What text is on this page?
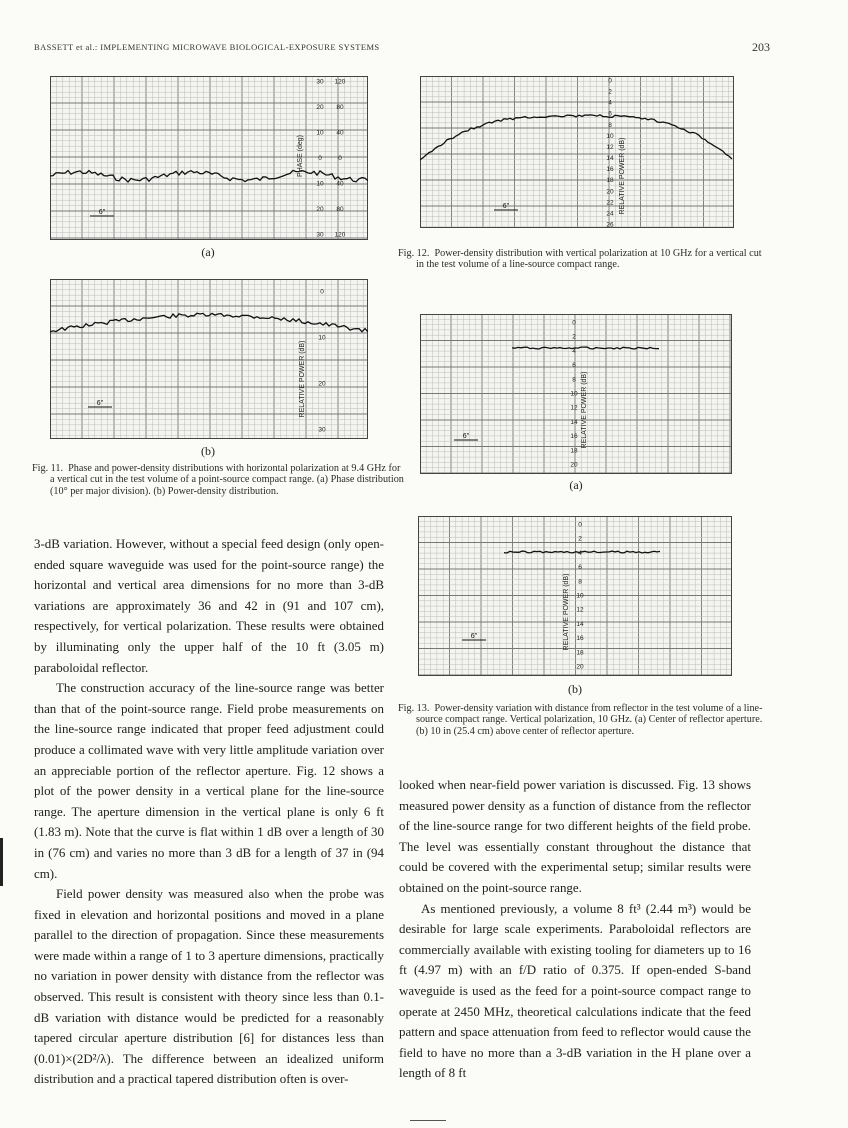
BASSETT et al.: IMPLEMENTING MICROWAVE BIOLOGICAL-EXPOSURE SYSTEMS	203
PHASE (deg)
30
20
10
0
10
20
30
120
80
40
0
40
80
120
6"
(a)
RELATIVE POWER (dB)
0
10
20
30
6"
(b)
Fig. 11. Phase and power-density distributions with horizontal polarization at 9.4 GHz for a vertical cut in the test volume of a point-source compact range. (a) Phase distribution (10° per major division). (b) Power-density distribution.
RELATIVE POWER (dB)
0
2
4
6
8
10
12
14
16
18
20
22
24
26
6"
Fig. 12. Power-density distribution with vertical polarization at 10 GHz for a vertical cut in the test volume of a line-source compact range.
RELATIVE POWER (dB)
0
2
4
6
8
10
12
14
16
18
20
6"
(a)
RELATIVE POWER (dB)
0
2
4
6
8
10
12
14
16
18
20
6"
(b)
Fig. 13. Power-density variation with distance from reflector in the test volume of a line-source compact range. Vertical polarization, 10 GHz. (a) Center of reflector aperture. (b) 10 in (25.4 cm) above center of reflector aperture.

3-dB variation. However, without a special feed design (only open-ended square waveguide was used for the point-source range) the horizontal and vertical area dimensions for no more than 3-dB variations are approximately 36 and 42 in (91 and 107 cm), respectively, for vertical polarization. These results were obtained by illuminating only the upper half of the 10 ft (3.05 m) paraboloidal reflector.

The construction accuracy of the line-source range was better than that of the point-source range. Field probe measurements on the line-source range indicated that proper feed adjustment could produce a collimated wave with very little amplitude variation over an appreciable portion of the reflector aperture. Fig. 12 shows a plot of the power density in a vertical plane for the line-source range. The aperture dimension in the vertical plane is only 6 ft (1.83 m). Note that the curve is flat within 1 dB over a length of 30 in (76 cm) and varies no more than 3 dB for a length of 37 in (94 cm).

Field power density was measured also when the probe was fixed in elevation and horizontal positions and moved in a plane parallel to the direction of propagation. Since these measurements were made within a range of 1 to 3 aperture dimensions, practically no variation in power density with distance from the reflector was observed. This result is consistent with theory since less than 0.1-dB variation with distance would be predicted for a reasonably tapered circular aperture distribution [6] for distances less than (0.01)×(2D²/λ). The difference between an idealized uniform distribution and a practical tapered distribution often is over-

looked when near-field power variation is discussed. Fig. 13 shows measured power density as a function of distance from the reflector of the line-source range for two different heights of the field probe. The level was essentially constant throughout the distance that could be covered with the experimental setup; similar results were obtained on the point-source range.

As mentioned previously, a volume 8 ft³ (2.44 m³) would be desirable for large scale experiments. Paraboloidal reflectors are commercially available with existing tooling for diameters up to 16 ft (4.97 m) with an f/D ratio of 0.375. If open-ended S-band waveguide is used as the feed for a point-source compact range to operate at 2450 MHz, theoretical calculations indicate that the feed pattern and space attenuation from feed to reflector would cause the field to have no more than a 3-dB variation in the H plane over a length of 8 ft
